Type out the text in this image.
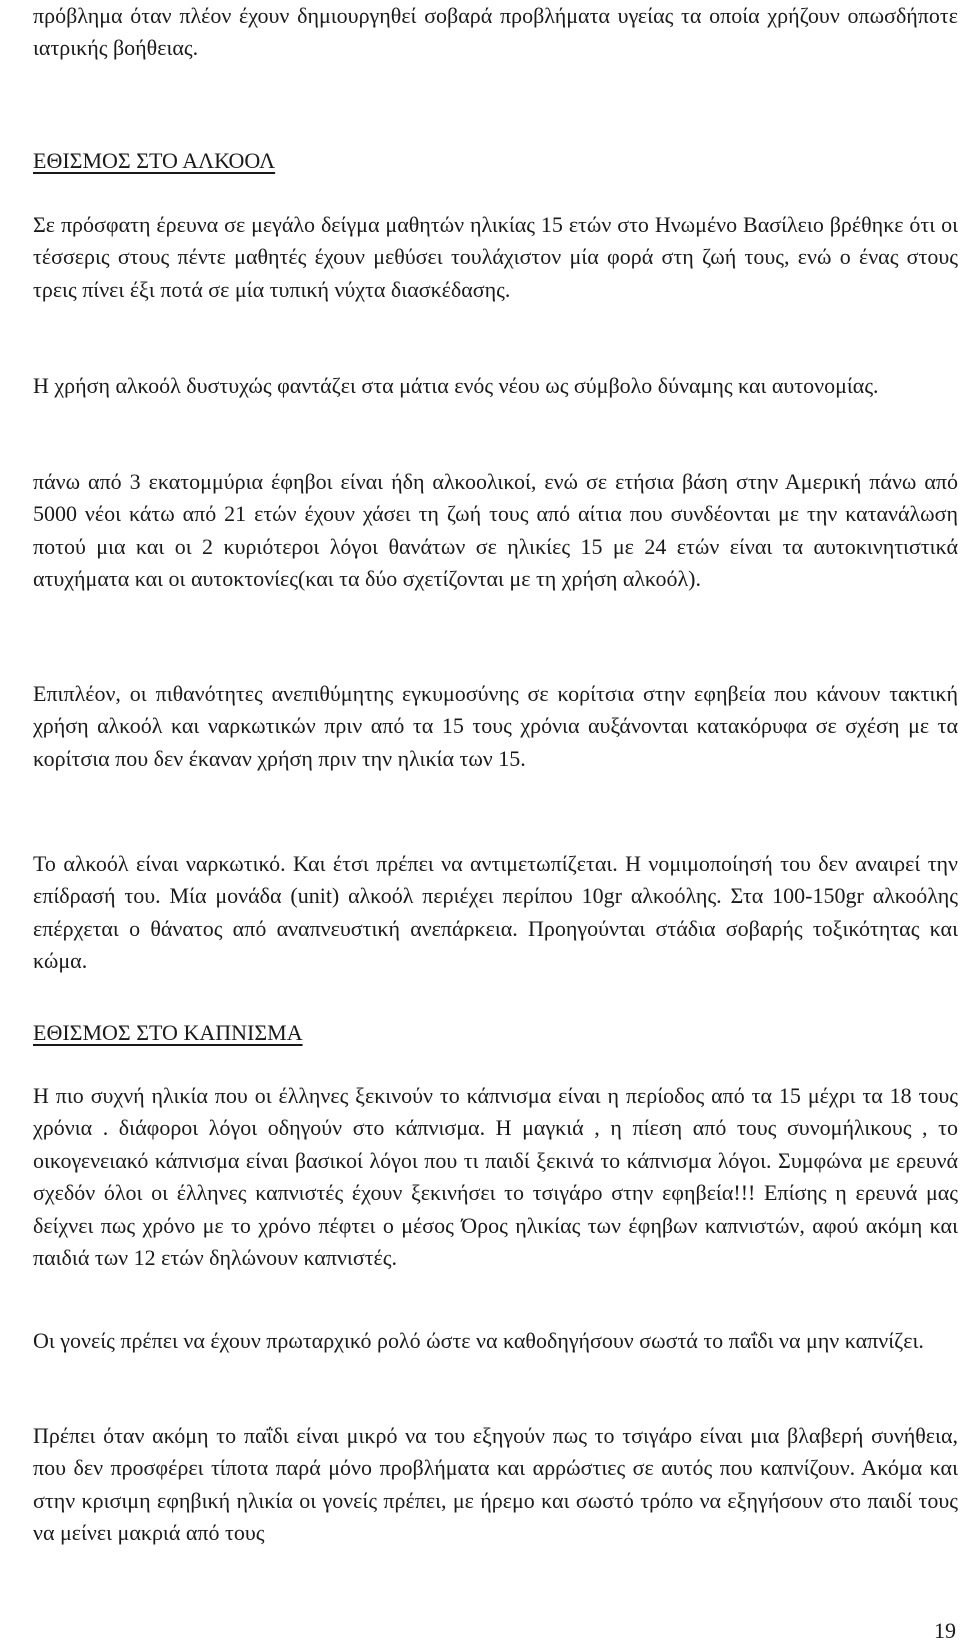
πρόβλημα όταν πλέον έχουν δημιουργηθεί σοβαρά προβλήματα υγείας τα οποία χρήζουν οπωσδήποτε ιατρικής βοήθειας.

ΕΘΙΣΜΟΣ ΣΤΟ ΑΛΚΟΟΛ

Σε πρόσφατη έρευνα σε μεγάλο δείγμα μαθητών ηλικίας 15 ετών στο Ηνωμένο Βασίλειο βρέθηκε ότι οι τέσσερις στους πέντε μαθητές έχουν μεθύσει τουλάχιστον μία φορά στη ζωή τους, ενώ ο ένας στους τρεις πίνει έξι ποτά σε μία τυπική νύχτα διασκέδασης.

Η χρήση αλκοόλ δυστυχώς φαντάζει στα μάτια ενός νέου ως σύμβολο δύναμης και αυτονομίας.

πάνω από 3 εκατομμύρια έφηβοι είναι ήδη αλκοολικοί, ενώ σε ετήσια βάση στην Αμερική πάνω από 5000 νέοι κάτω από 21 ετών έχουν χάσει τη ζωή τους από αίτια που συνδέονται με την κατανάλωση ποτού μια και οι 2 κυριότεροι λόγοι θανάτων σε ηλικίες 15 με 24 ετών είναι τα αυτοκινητιστικά ατυχήματα και οι αυτοκτονίες(και τα δύο σχετίζονται με τη χρήση αλκοόλ).

Επιπλέον, οι πιθανότητες ανεπιθύμητης εγκυμοσύνης σε κορίτσια στην εφηβεία που κάνουν τακτική χρήση αλκοόλ και ναρκωτικών πριν από τα 15 τους χρόνια αυξάνονται κατακόρυφα σε σχέση με τα κορίτσια που δεν έκαναν χρήση πριν την ηλικία των 15.

Το αλκοόλ είναι ναρκωτικό. Και έτσι πρέπει να αντιμετωπίζεται. Η νομιμοποίησή του δεν αναιρεί την επίδρασή του. Μία μονάδα (unit) αλκοόλ περιέχει περίπου 10gr αλκοόλης. Στα 100-150gr αλκοόλης επέρχεται ο θάνατος από αναπνευστική ανεπάρκεια. Προηγούνται στάδια σοβαρής τοξικότητας και κώμα.

ΕΘΙΣΜΟΣ ΣΤΟ ΚΑΠΝΙΣΜΑ

Η πιο συχνή ηλικία που οι έλληνες ξεκινούν το κάπνισμα είναι η περίοδος από τα 15 μέχρι τα 18 τους χρόνια . διάφοροι λόγοι οδηγούν στο κάπνισμα. Η μαγκιά , η πίεση από τους συνομήλικους , το οικογενειακό κάπνισμα είναι βασικοί λόγοι που τι παιδί ξεκινά το κάπνισμα λόγοι. Συμφώνα με ερευνά σχεδόν όλοι οι έλληνες καπνιστές έχουν ξεκινήσει το τσιγάρο στην εφηβεία!!! Επίσης η ερευνά μας δείχνει πως χρόνο με το χρόνο πέφτει ο μέσος Όρος ηλικίας των έφηβων καπνιστών, αφού ακόμη και παιδιά των 12 ετών δηλώνουν καπνιστές.

Οι γονείς πρέπει να έχουν πρωταρχικό ρολό ώστε να καθοδηγήσουν σωστά το παΐδι να μην καπνίζει.

Πρέπει όταν ακόμη το παΐδι είναι μικρό να του εξηγούν πως το τσιγάρο είναι μια βλαβερή συνήθεια, που δεν προσφέρει τίποτα παρά μόνο προβλήματα και αρρώστιες σε αυτός που καπνίζουν. Ακόμα και στην κρισιμη εφηβική ηλικία οι γονείς πρέπει, με ήρεμο και σωστό τρόπο να εξηγήσουν στο παιδί τους να μείνει μακριά από τους

19
